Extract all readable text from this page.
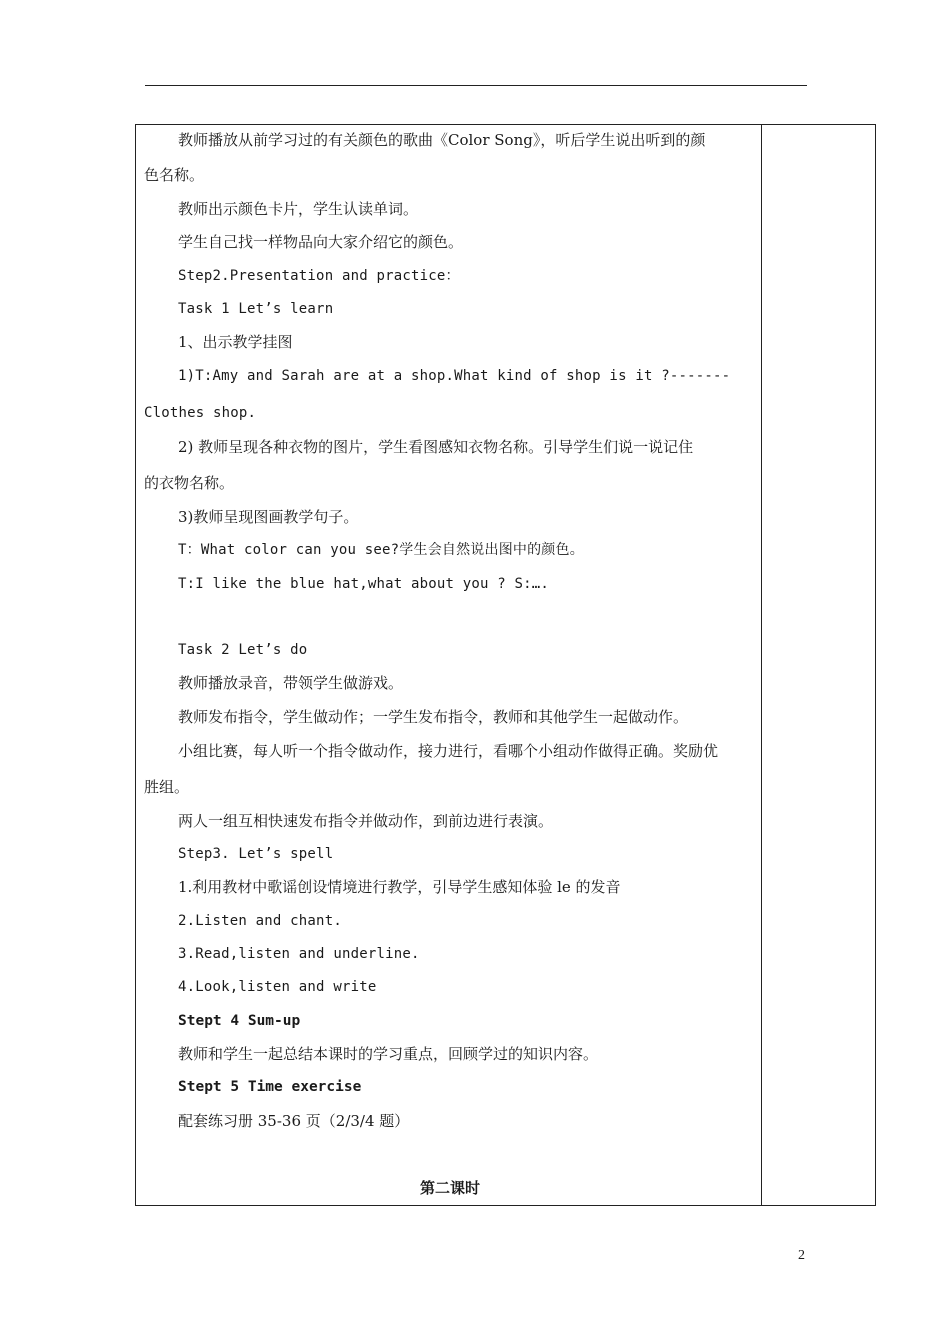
教师播放从前学习过的有关颜色的歌曲《Color Song》，听后学生说出听到的颜
色名称。
教师出示颜色卡片，学生认读单词。
学生自己找一样物品向大家介绍它的颜色。
Step2.Presentation and practice：
Task 1 Let’s learn
1、出示教学挂图
1)T:Amy and Sarah are at a shop.What kind of shop is it ?-------
Clothes shop.
2) 教师呈现各种衣物的图片，学生看图感知衣物名称。引导学生们说一说记住
的衣物名称。
3)教师呈现图画教学句子。
T：What color can you see?学生会自然说出图中的颜色。
T:I like the blue hat,what about you ? S:….
Task 2 Let’s do
教师播放录音，带领学生做游戏。
教师发布指令，学生做动作；一学生发布指令，教师和其他学生一起做动作。
小组比赛，每人听一个指令做动作，接力进行，看哪个小组动作做得正确。奖励优
胜组。
两人一组互相快速发布指令并做动作，到前边进行表演。
Step3. Let’s spell
1.利用教材中歌谣创设情境进行教学，引导学生感知体验 le 的发音
2.Listen and chant.
3.Read,listen and underline.
4.Look,listen and write
Stept 4 Sum-up
教师和学生一起总结本课时的学习重点，回顾学过的知识内容。
Stept 5 Time exercise
配套练习册 35-36 页（2/3/4 题）
第二课时
2
